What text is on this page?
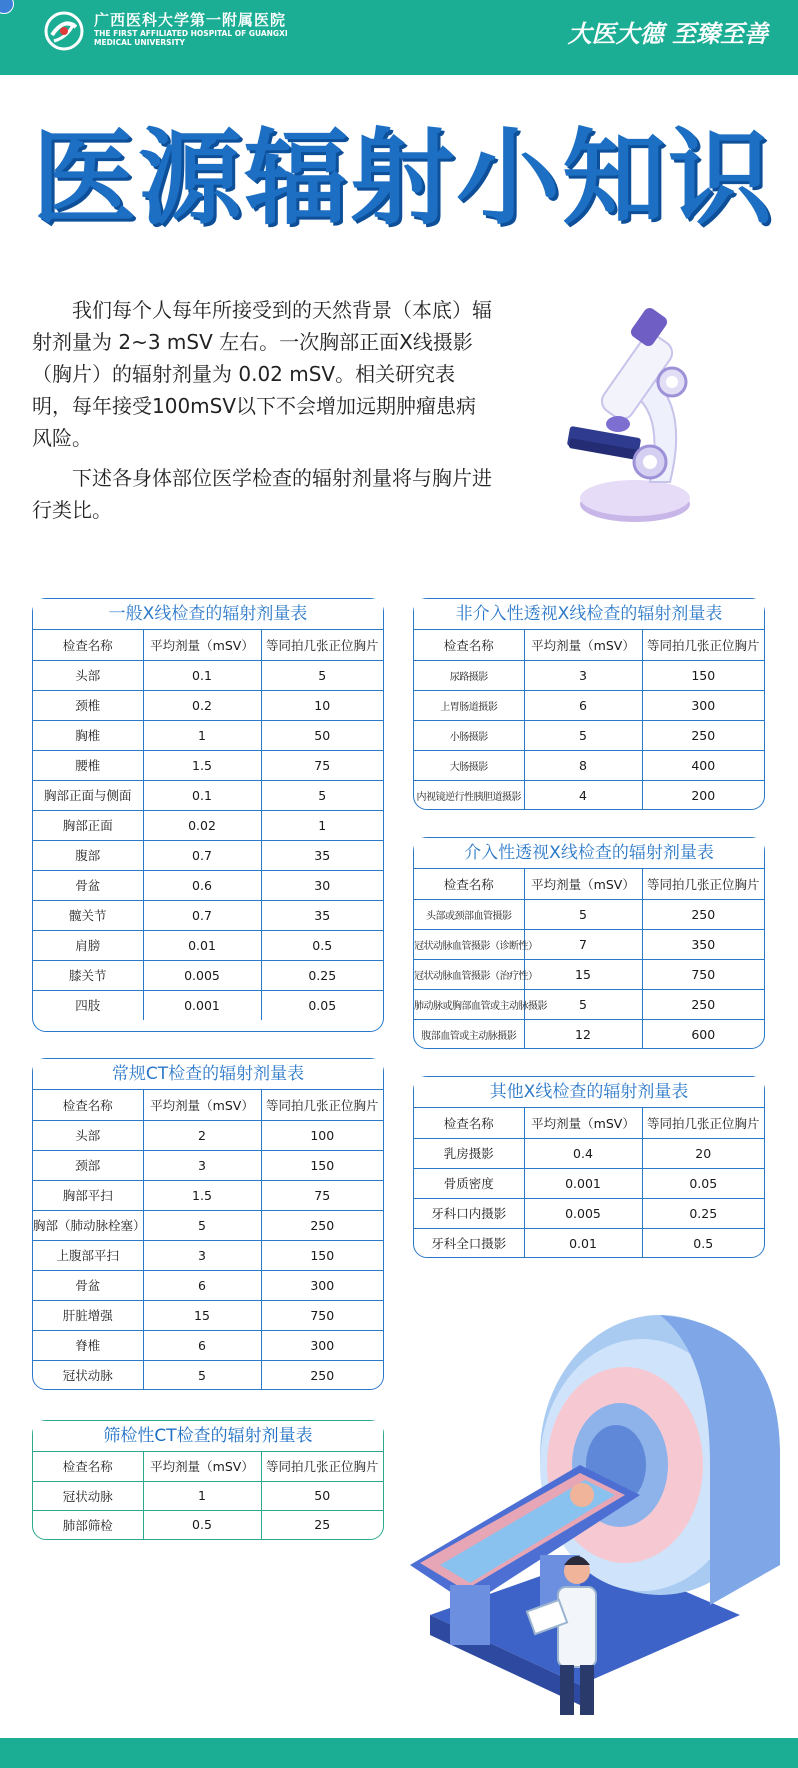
广西医科大学第一附属医院
THE FIRST AFFILIATED HOSPITAL OF GUANGXI MEDICAL UNIVERSITY	大医大德 至臻至善
医源辐射小知识

我们每个人每年所接受到的天然背景（本底）辐射剂量为 2~3 mSV 左右。一次胸部正面X线摄影（胸片）的辐射剂量为 0.02 mSV。相关研究表明，每年接受100mSV以下不会增加远期肿瘤患病风险。

下述各身体部位医学检查的辐射剂量将与胸片进行类比。

一般X线检查的辐射剂量表
检查名称	平均剂量（mSV）	等同拍几张正位胸片
头部	0.1	5
颈椎	0.2	10
胸椎	1	50
腰椎	1.5	75
胸部正面与侧面	0.1	5
胸部正面	0.02	1
腹部	0.7	35
骨盆	0.6	30
髋关节	0.7	35
肩膀	0.01	0.5
膝关节	0.005	0.25
四肢	0.001	0.05
常规CT检查的辐射剂量表
检查名称	平均剂量（mSV）	等同拍几张正位胸片
头部	2	100
颈部	3	150
胸部平扫	1.5	75
胸部（肺动脉栓塞）	5	250
上腹部平扫	3	150
骨盆	6	300
肝脏增强	15	750
脊椎	6	300
冠状动脉	5	250
筛检性CT检查的辐射剂量表
检查名称	平均剂量（mSV）	等同拍几张正位胸片
冠状动脉	1	50
肺部筛检	0.5	25
非介入性透视X线检查的辐射剂量表
检查名称	平均剂量（mSV）	等同拍几张正位胸片
尿路摄影	3	150
上胃肠道摄影	6	300
小肠摄影	5	250
大肠摄影	8	400
内视镜逆行性胰胆道摄影	4	200
介入性透视X线检查的辐射剂量表
检查名称	平均剂量（mSV）	等同拍几张正位胸片
头部或颈部血管摄影	5	250
冠状动脉血管摄影（诊断性）	7	350
冠状动脉血管摄影（治疗性）	15	750
肺动脉或胸部血管或主动脉摄影	5	250
腹部血管或主动脉摄影	12	600
其他X线检查的辐射剂量表
检查名称	平均剂量（mSV）	等同拍几张正位胸片
乳房摄影	0.4	20
骨质密度	0.001	0.05
牙科口内摄影	0.005	0.25
牙科全口摄影	0.01	0.5
